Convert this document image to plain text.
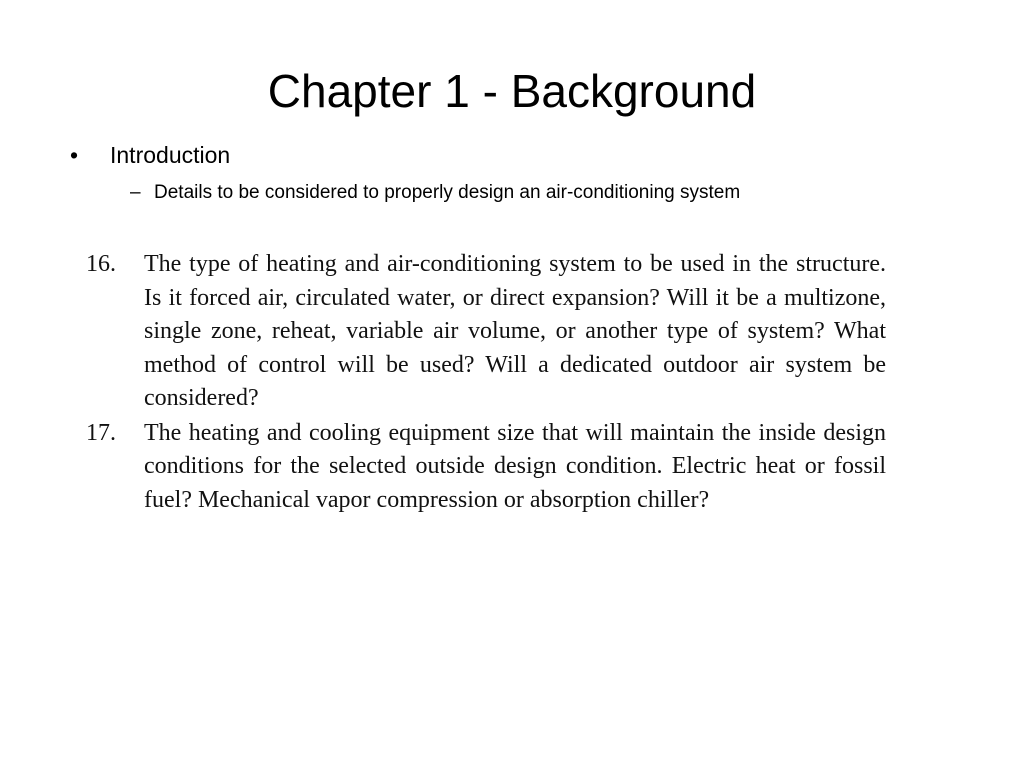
Chapter 1 - Background
• Introduction
– Details to be considered to properly design an air-conditioning system
16. The type of heating and air-conditioning system to be used in the structure. Is it forced air, circulated water, or direct expansion? Will it be a multizone, single zone, reheat, variable air volume, or another type of system? What method of control will be used? Will a dedicated outdoor air system be considered?
17. The heating and cooling equipment size that will maintain the inside design conditions for the selected outside design condition. Electric heat or fossil fuel? Mechanical vapor compression or absorption chiller?
